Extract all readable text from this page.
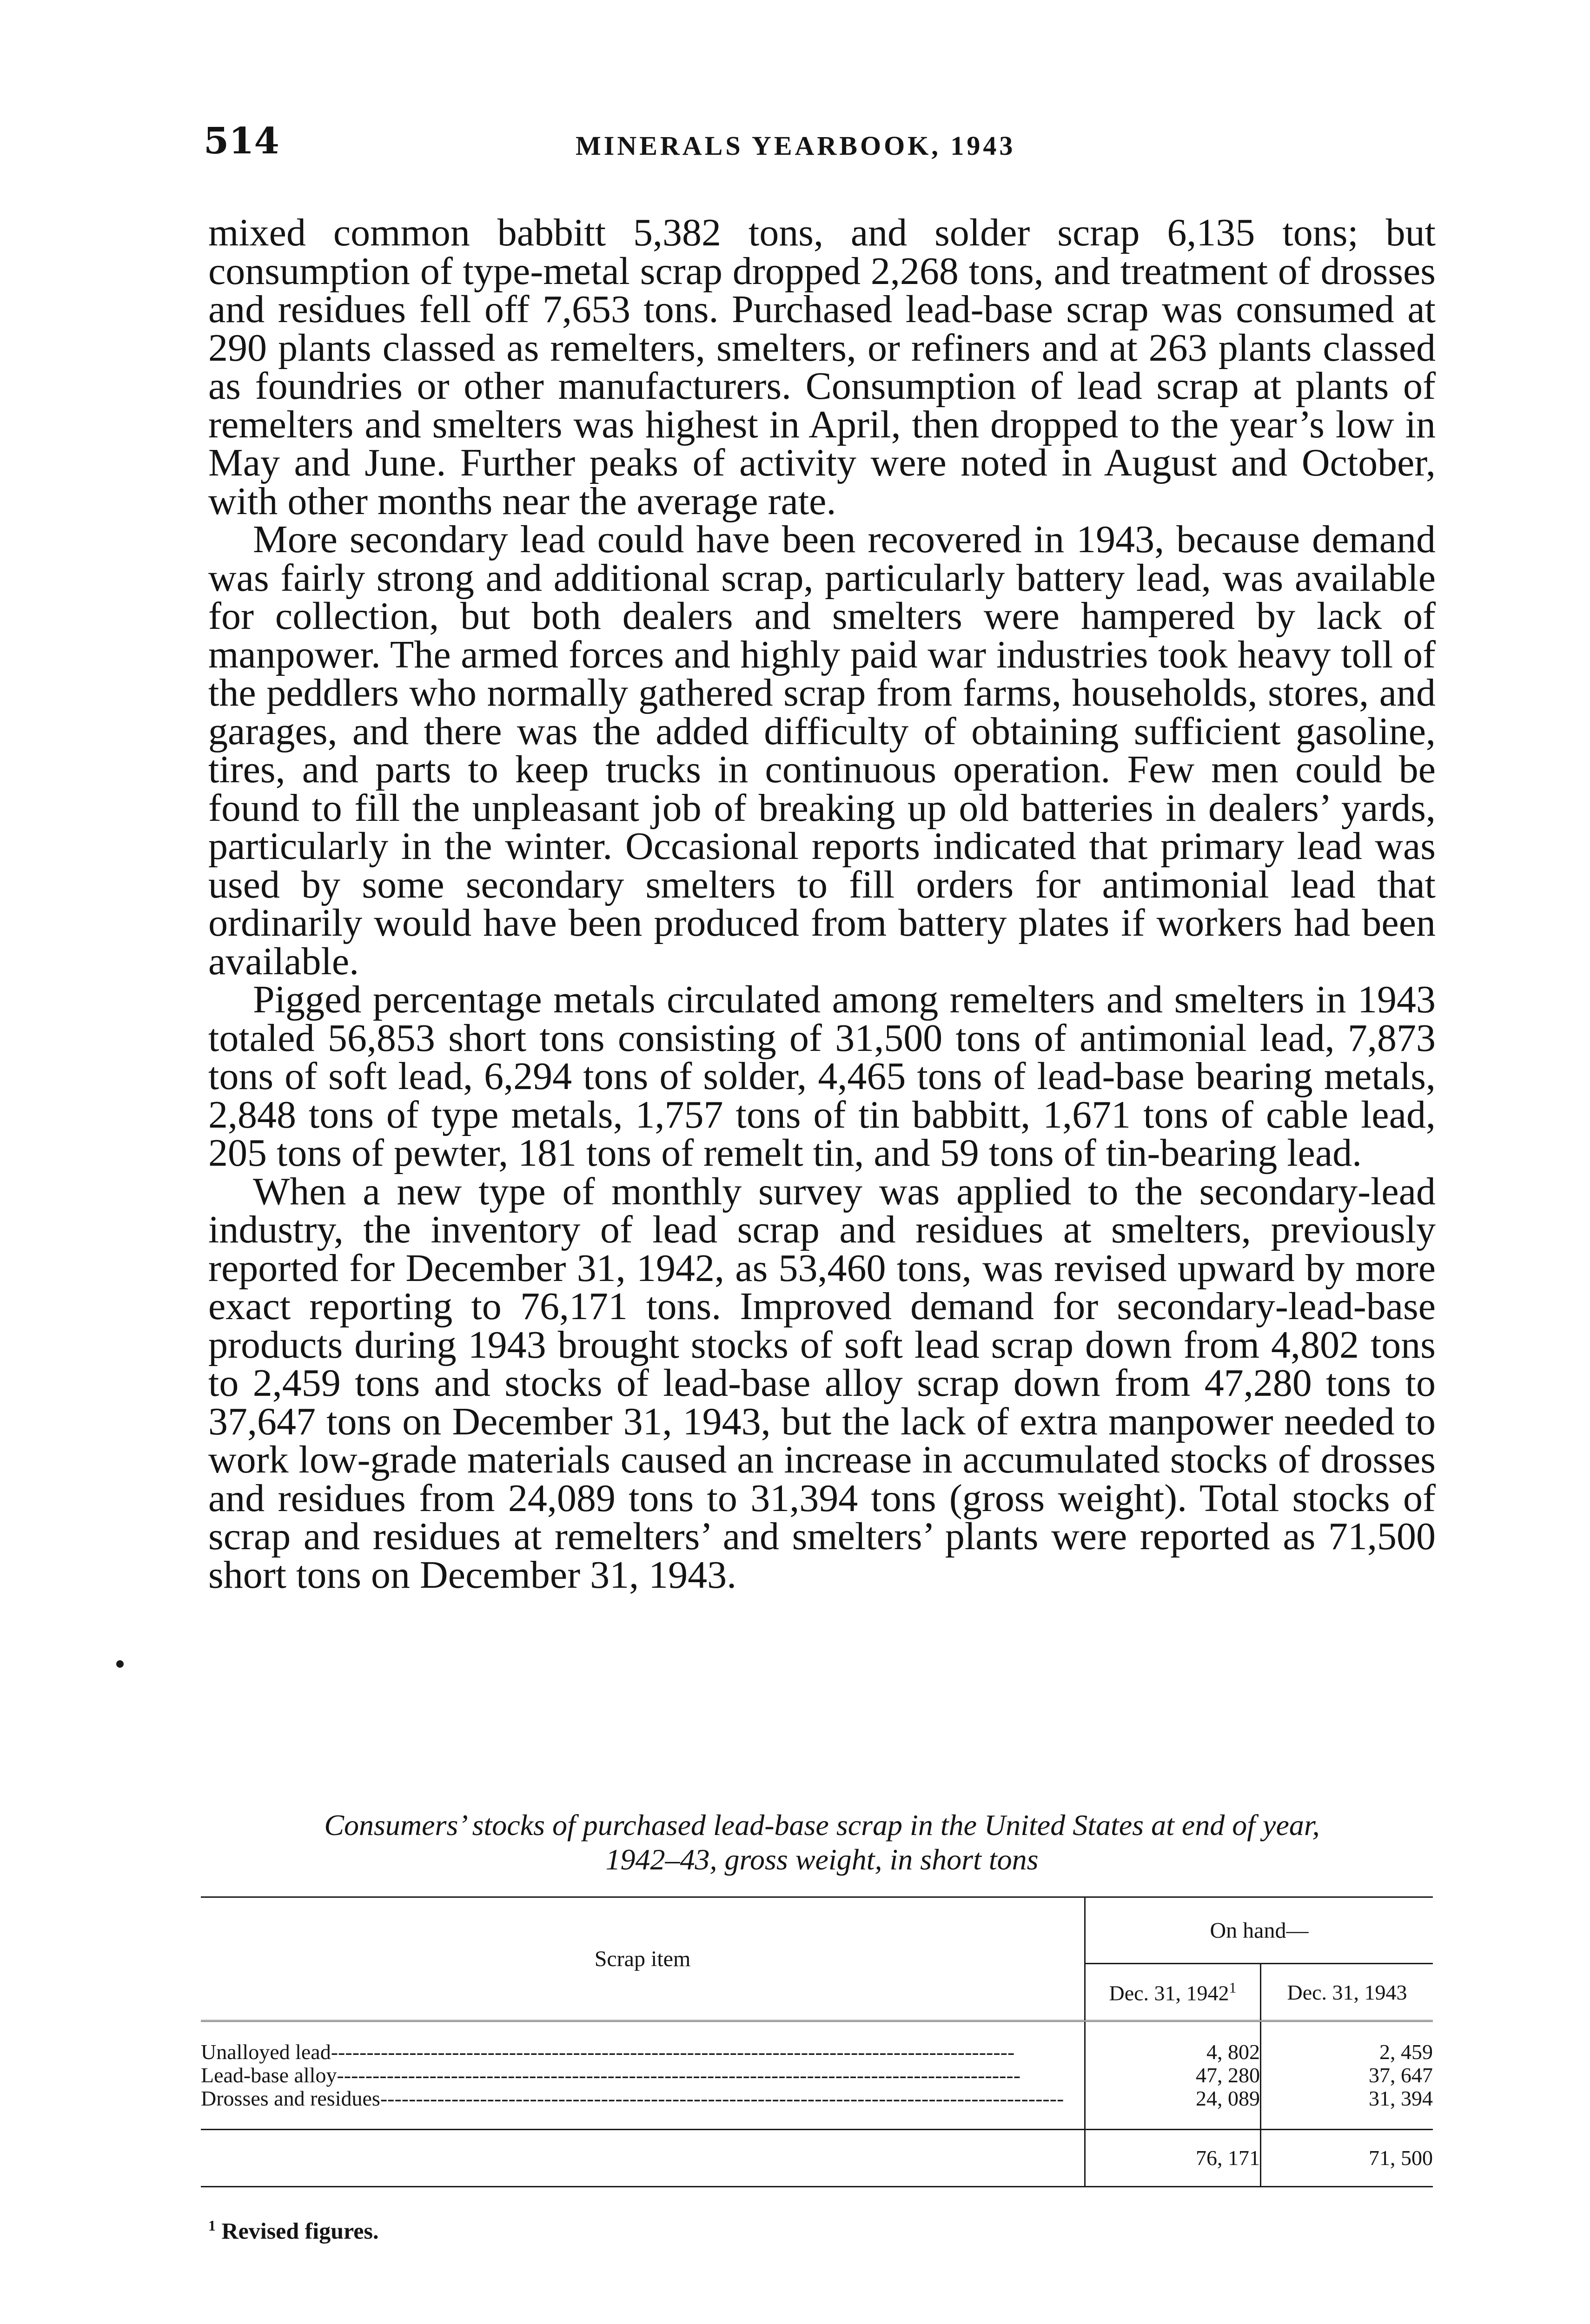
514	MINERALS YEARBOOK, 1943

mixed common babbitt 5,382 tons, and solder scrap 6,135 tons; but consumption of type-metal scrap dropped 2,268 tons, and treatment of drosses and residues fell off 7,653 tons. Purchased lead-base scrap was consumed at 290 plants classed as remelters, smelters, or refiners and at 263 plants classed as foundries or other manufacturers. Consumption of lead scrap at plants of remelters and smelters was highest in April, then dropped to the year’s low in May and June. Further peaks of activity were noted in August and October, with other months near the average rate.

More secondary lead could have been recovered in 1943, because demand was fairly strong and additional scrap, particularly battery lead, was available for collection, but both dealers and smelters were hampered by lack of manpower. The armed forces and highly paid war industries took heavy toll of the peddlers who normally gathered scrap from farms, households, stores, and garages, and there was the added difficulty of obtaining sufficient gasoline, tires, and parts to keep trucks in continuous operation. Few men could be found to fill the unpleasant job of breaking up old batteries in dealers’ yards, particularly in the winter. Occasional reports indicated that primary lead was used by some secondary smelters to fill orders for antimonial lead that ordinarily would have been produced from battery plates if workers had been available.

Pigged percentage metals circulated among remelters and smelters in 1943 totaled 56,853 short tons consisting of 31,500 tons of antimonial lead, 7,873 tons of soft lead, 6,294 tons of solder, 4,465 tons of lead-base bearing metals, 2,848 tons of type metals, 1,757 tons of tin babbitt, 1,671 tons of cable lead, 205 tons of pewter, 181 tons of remelt tin, and 59 tons of tin-bearing lead.

When a new type of monthly survey was applied to the secondary-lead industry, the inventory of lead scrap and residues at smelters, previously reported for December 31, 1942, as 53,460 tons, was revised upward by more exact reporting to 76,171 tons. Improved demand for secondary-lead-base products during 1943 brought stocks of soft lead scrap down from 4,802 tons to 2,459 tons and stocks of lead-base alloy scrap down from 47,280 tons to 37,647 tons on December 31, 1943, but the lack of extra manpower needed to work low-grade materials caused an increase in accumulated stocks of drosses and residues from 24,089 tons to 31,394 tons (gross weight). Total stocks of scrap and residues at remelters’ and smelters’ plants were reported as 71,500 short tons on December 31, 1943.

Consumers’ stocks of purchased lead-base scrap in the United States at end of year,
1942–43, gross weight, in short tons

Scrap item	On hand—	
	Dec. 31, 1942$^1$	Dec. 31, 1943
Unalloyed lead------------------------------------------------------------------------------------------------	4, 802	2, 459
Lead-base alloy------------------------------------------------------------------------------------------------	47, 280	37, 647
Drosses and residues------------------------------------------------------------------------------------------------	24, 089	31, 394
	76, 171	71, 500
$^1$ Revised figures.
